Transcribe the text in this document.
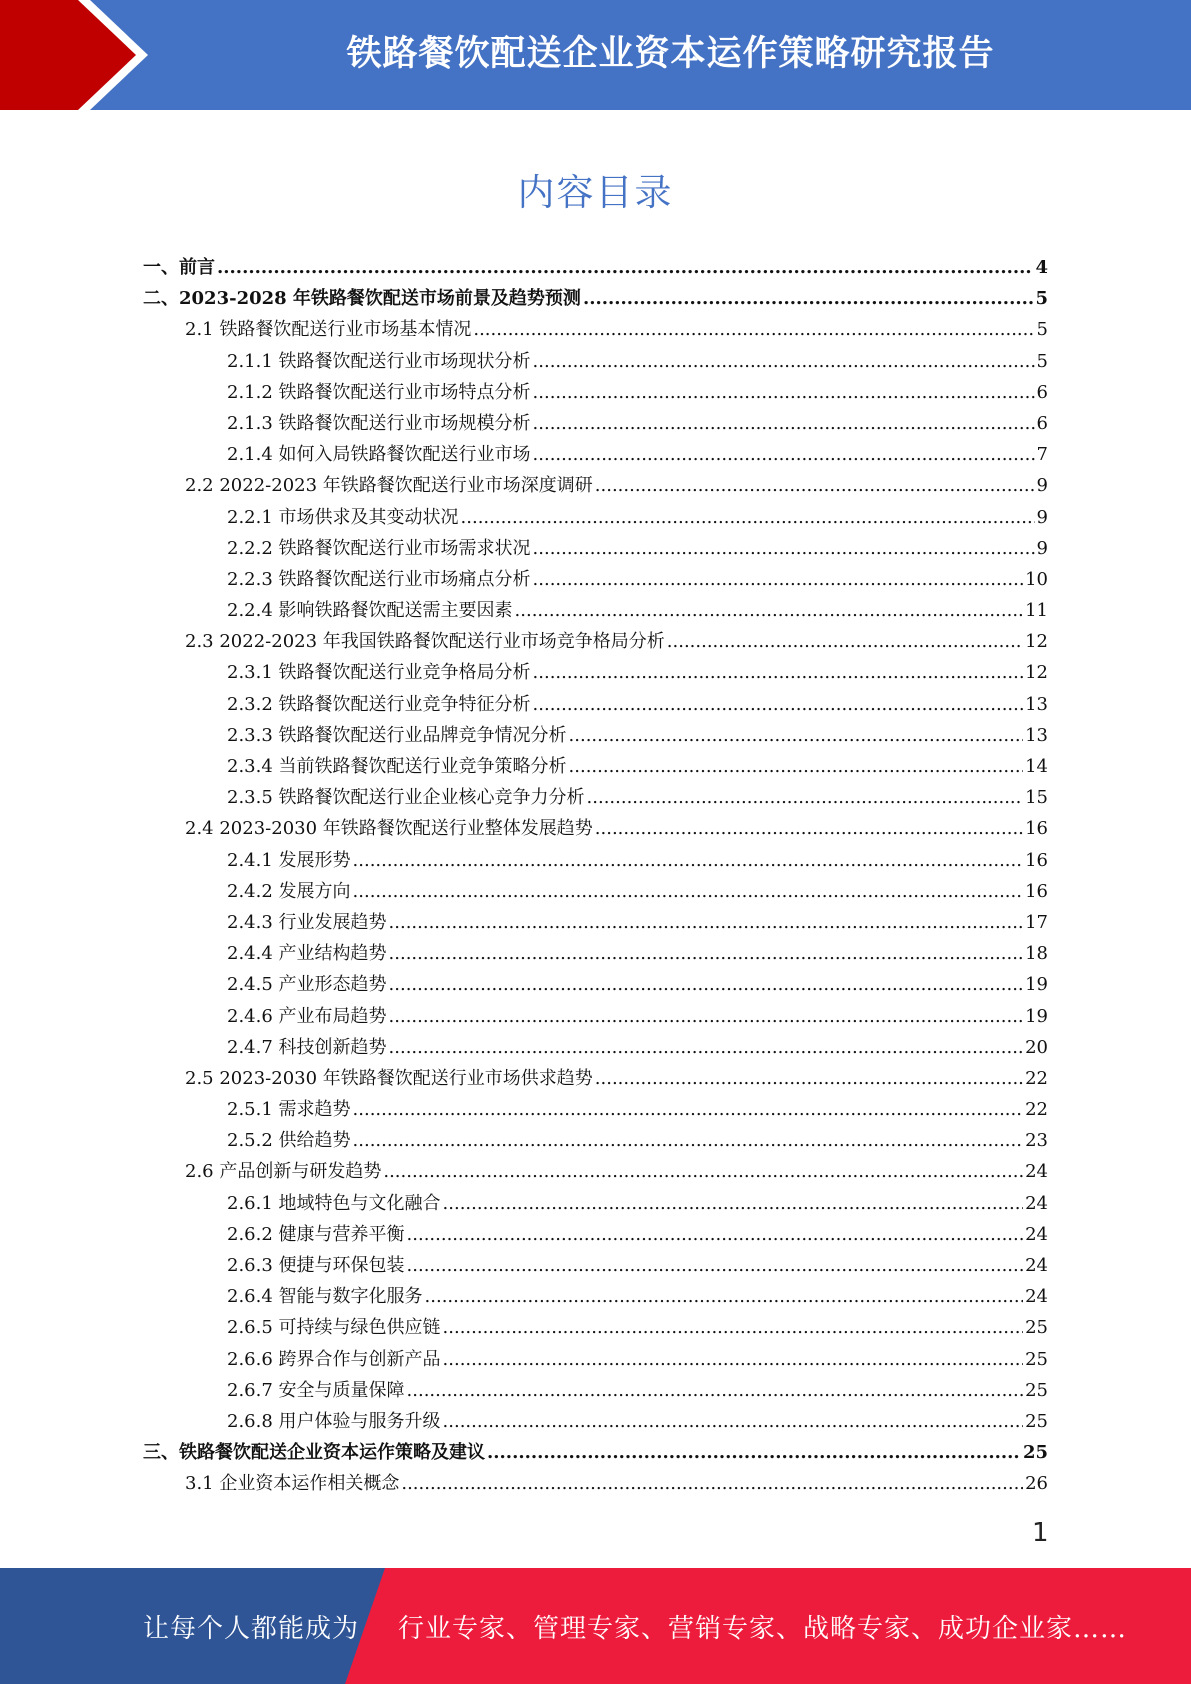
铁路餐饮配送企业资本运作策略研究报告
内容目录
一、前言 .....	4
二、2023-2028 年铁路餐饮配送市场前景及趋势预测 .....	5
2.1 铁路餐饮配送行业市场基本情况 .....	5
2.1.1 铁路餐饮配送行业市场现状分析 .....	5
2.1.2 铁路餐饮配送行业市场特点分析 .....	6
2.1.3 铁路餐饮配送行业市场规模分析 .....	6
2.1.4 如何入局铁路餐饮配送行业市场 .....	7
2.2 2022-2023 年铁路餐饮配送行业市场深度调研 .....	9
2.2.1 市场供求及其变动状况 .....	9
2.2.2 铁路餐饮配送行业市场需求状况 .....	9
2.2.3 铁路餐饮配送行业市场痛点分析 .....	10
2.2.4 影响铁路餐饮配送需主要因素 .....	11
2.3 2022-2023 年我国铁路餐饮配送行业市场竞争格局分析 .....	12
2.3.1 铁路餐饮配送行业竞争格局分析 .....	12
2.3.2 铁路餐饮配送行业竞争特征分析 .....	13
2.3.3 铁路餐饮配送行业品牌竞争情况分析 .....	13
2.3.4 当前铁路餐饮配送行业竞争策略分析 .....	14
2.3.5 铁路餐饮配送行业企业核心竞争力分析 .....	15
2.4 2023-2030 年铁路餐饮配送行业整体发展趋势 .....	16
2.4.1 发展形势 .....	16
2.4.2 发展方向 .....	16
2.4.3 行业发展趋势 .....	17
2.4.4 产业结构趋势 .....	18
2.4.5 产业形态趋势 .....	19
2.4.6 产业布局趋势 .....	19
2.4.7 科技创新趋势 .....	20
2.5 2023-2030 年铁路餐饮配送行业市场供求趋势 .....	22
2.5.1 需求趋势 .....	22
2.5.2 供给趋势 .....	23
2.6 产品创新与研发趋势 .....	24
2.6.1 地域特色与文化融合 .....	24
2.6.2 健康与营养平衡 .....	24
2.6.3 便捷与环保包装 .....	24
2.6.4 智能与数字化服务 .....	24
2.6.5 可持续与绿色供应链 .....	25
2.6.6 跨界合作与创新产品 .....	25
2.6.7 安全与质量保障 .....	25
2.6.8 用户体验与服务升级 .....	25
三、铁路餐饮配送企业资本运作策略及建议 .....	25
3.1 企业资本运作相关概念 .....	26
1
让每个人都能成为 行业专家、管理专家、营销专家、战略专家、成功企业家……
